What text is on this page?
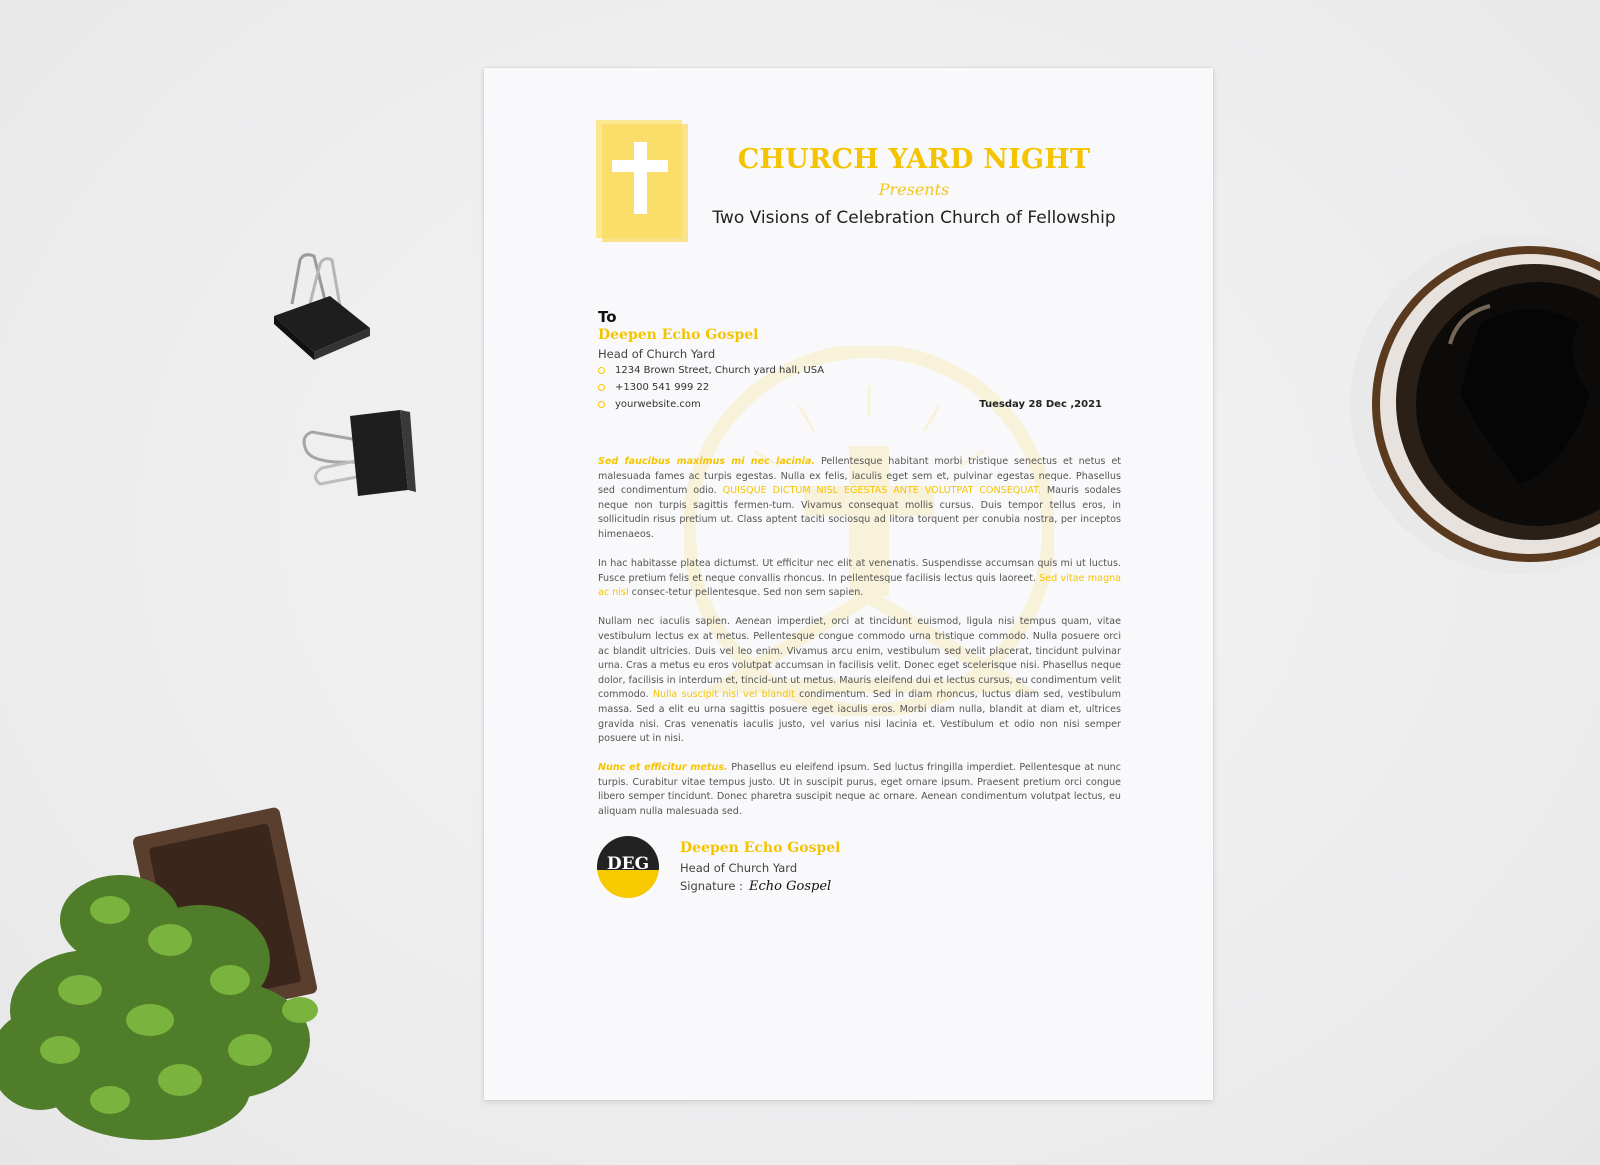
CHURCH YARD NIGHT
Presents
Two Visions of Celebration Church of Fellowship
To
Deepen Echo Gospel
Head of Church Yard
1234 Brown Street, Church yard hall, USA
+1300 541 999 22
yourwebsite.com	Tuesday 28 Dec ,2021

Sed faucibus maximus mi nec lacinia. Pellentesque habitant morbi tristique senectus et netus et malesuada fames ac turpis egestas. Nulla ex felis, iaculis eget sem et, pulvinar egestas neque. Phasellus sed condimentum odio. QUISQUE DICTUM NISL EGESTAS ANTE VOLUTPAT CONSEQUAT. Mauris sodales neque non turpis sagittis fermen-tum. Vivamus consequat mollis cursus. Duis tempor tellus eros, in sollicitudin risus pretium ut. Class aptent taciti sociosqu ad litora torquent per conubia nostra, per inceptos himenaeos.

In hac habitasse platea dictumst. Ut efficitur nec elit at venenatis. Suspendisse accumsan quis mi ut luctus. Fusce pretium felis et neque convallis rhoncus. In pellentesque facilisis lectus quis laoreet. Sed vitae magna ac nisl consec-tetur pellentesque. Sed non sem sapien.

Nullam nec iaculis sapien. Aenean imperdiet, orci at tincidunt euismod, ligula nisi tempus quam, vitae vestibulum lectus ex at metus. Pellentesque congue commodo urna tristique commodo. Nulla posuere orci ac blandit ultricies. Duis vel leo enim. Vivamus arcu enim, vestibulum sed velit placerat, tincidunt pulvinar urna. Cras a metus eu eros volutpat accumsan in facilisis velit. Donec eget scelerisque nisi. Phasellus neque dolor, facilisis in interdum et, tincid-unt ut metus. Mauris eleifend dui et lectus cursus, eu condimentum velit commodo. Nulla suscipit nisi vel blandit condimentum. Sed in diam rhoncus, luctus diam sed, vestibulum massa. Sed a elit eu urna sagittis posuere eget iaculis eros. Morbi diam nulla, blandit at diam et, ultrices gravida nisi. Cras venenatis iaculis justo, vel varius nisi lacinia et. Vestibulum et odio non nisi semper posuere ut in nisi.

Nunc et efficitur metus. Phasellus eu eleifend ipsum. Sed luctus fringilla imperdiet. Pellentesque at nunc turpis. Curabitur vitae tempus justo. Ut in suscipit purus, eget ornare ipsum. Praesent pretium orci congue libero semper tincidunt. Donec pharetra suscipit neque ac ornare. Aenean condimentum volutpat lectus, eu aliquam nulla malesuada sed.

DEG
Deepen Echo Gospel
Head of Church Yard
Signature : Echo Gospel
